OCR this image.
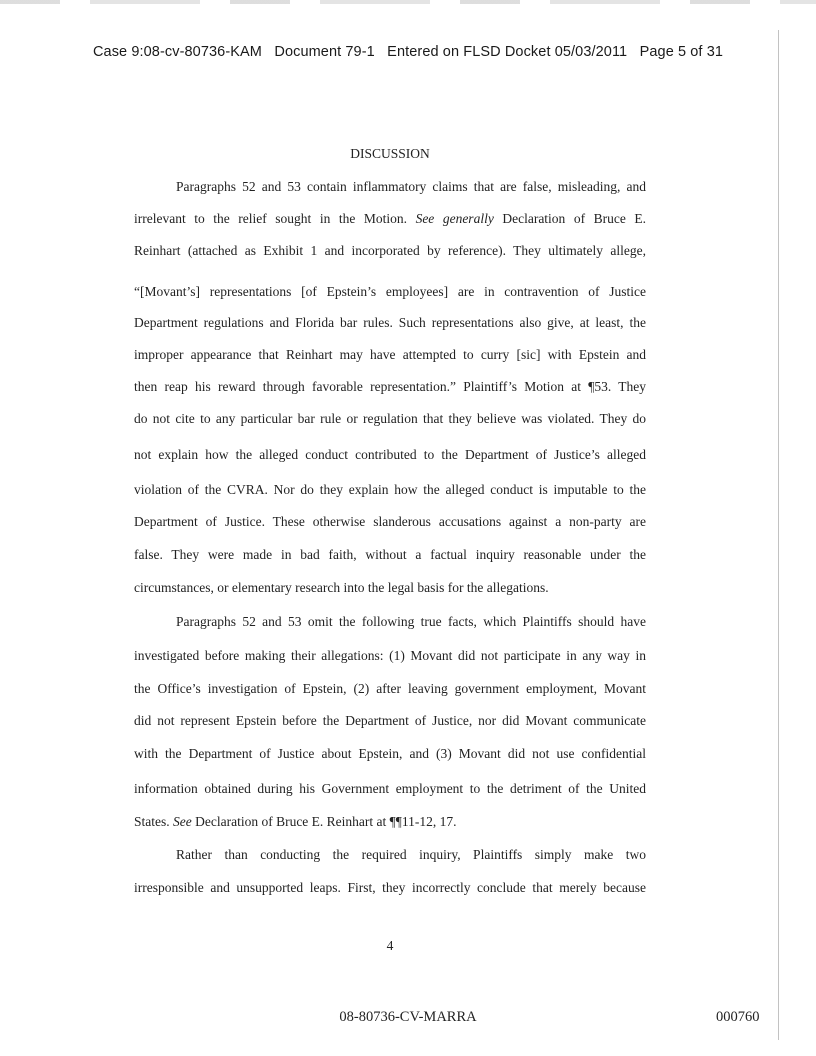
Case 9:08-cv-80736-KAM   Document 79-1   Entered on FLSD Docket 05/03/2011   Page 5 of 31
DISCUSSION
Paragraphs 52 and 53 contain inflammatory claims that are false, misleading, and
irrelevant to the relief sought in the Motion. See generally Declaration of Bruce E.
Reinhart (attached as Exhibit 1 and incorporated by reference). They ultimately allege,
“[Movant’s] representations [of Epstein’s employees] are in contravention of Justice
Department regulations and Florida bar rules. Such representations also give, at least, the
improper appearance that Reinhart may have attempted to curry [sic] with Epstein and
then reap his reward through favorable representation.” Plaintiff’s Motion at ¶53. They
do not cite to any particular bar rule or regulation that they believe was violated. They do
not explain how the alleged conduct contributed to the Department of Justice’s alleged
violation of the CVRA. Nor do they explain how the alleged conduct is imputable to the
Department of Justice. These otherwise slanderous accusations against a non-party are
false. They were made in bad faith, without a factual inquiry reasonable under the
circumstances, or elementary research into the legal basis for the allegations.
Paragraphs 52 and 53 omit the following true facts, which Plaintiffs should have
investigated before making their allegations: (1) Movant did not participate in any way in
the Office’s investigation of Epstein, (2) after leaving government employment, Movant
did not represent Epstein before the Department of Justice, nor did Movant communicate
with the Department of Justice about Epstein, and (3) Movant did not use confidential
information obtained during his Government employment to the detriment of the United
States. See Declaration of Bruce E. Reinhart at ¶¶11-12, 17.
Rather than conducting the required inquiry, Plaintiffs simply make two
irresponsible and unsupported leaps. First, they incorrectly conclude that merely because
4
08-80736-CV-MARRA	000760
